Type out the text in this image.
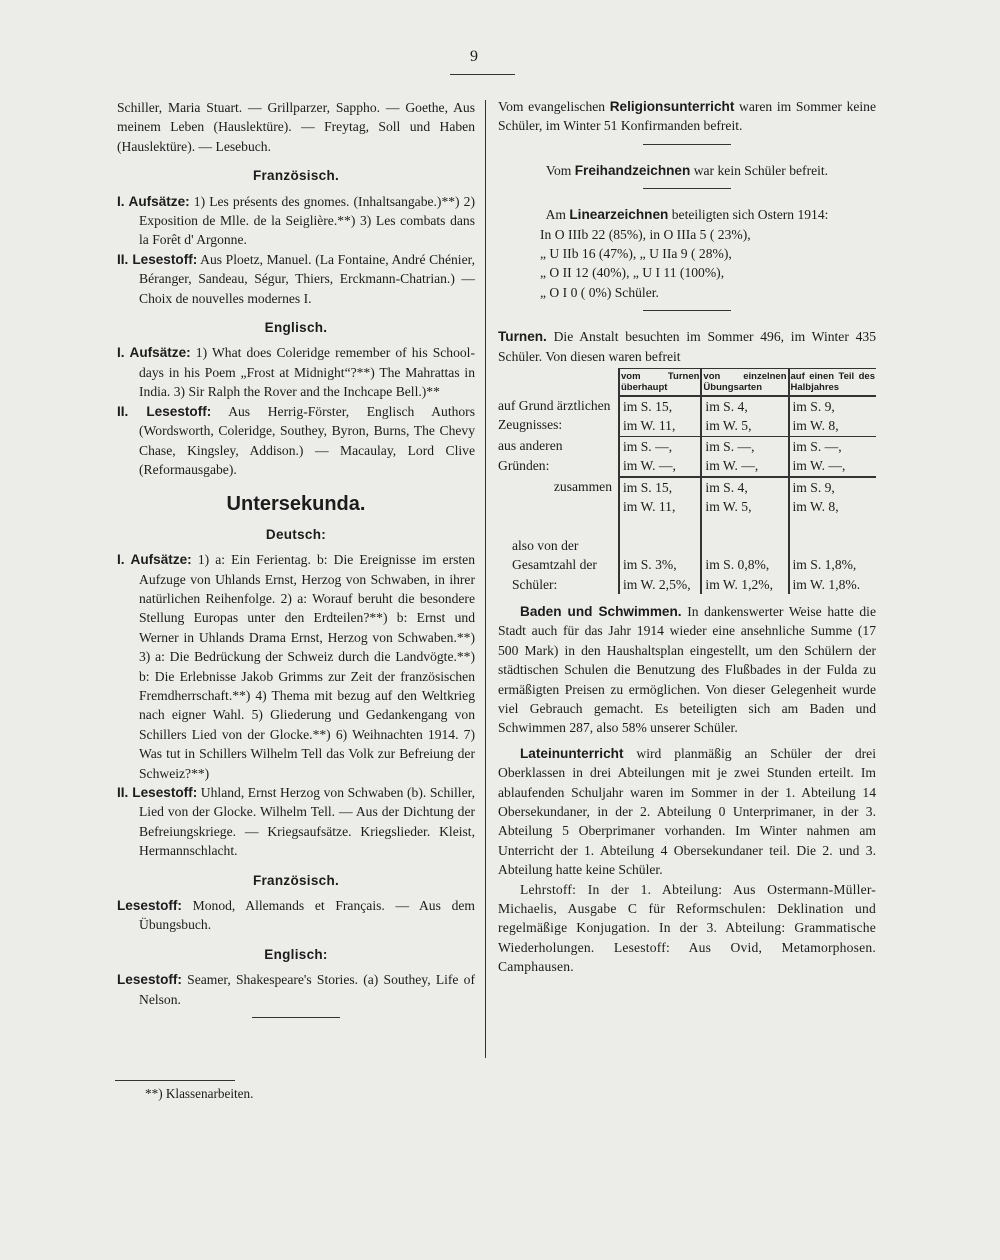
9

Schiller, Maria Stuart. — Grillparzer, Sappho. — Goethe, Aus meinem Leben (Hauslektüre). — Freytag, Soll und Haben (Hauslektüre). — Lesebuch.

Französisch.

I. Aufsätze: 1) Les présents des gnomes. (Inhaltsangabe.)**) 2) Exposition de Mlle. de la Seiglière.**) 3) Les combats dans la Forêt d' Argonne.

II. Lesestoff: Aus Ploetz, Manuel. (La Fontaine, André Chénier, Béranger, Sandeau, Ségur, Thiers, Erckmann-Chatrian.) — Choix de nouvelles modernes I.

Englisch.

I. Aufsätze: 1) What does Coleridge remember of his School-days in his Poem „Frost at Midnight“?**) The Mahrattas in India. 3) Sir Ralph the Rover and the Inchcape Bell.)**

II. Lesestoff: Aus Herrig-Förster, Englisch Authors (Wordsworth, Coleridge, Southey, Byron, Burns, The Chevy Chase, Kingsley, Addison.) — Macaulay, Lord Clive (Reformausgabe).

Untersekunda.

Deutsch:

I. Aufsätze: 1) a: Ein Ferientag. b: Die Ereignisse im ersten Aufzuge von Uhlands Ernst, Herzog von Schwaben, in ihrer natürlichen Reihenfolge. 2) a: Worauf beruht die besondere Stellung Europas unter den Erdteilen?**) b: Ernst und Werner in Uhlands Drama Ernst, Herzog von Schwaben.**) 3) a: Die Bedrückung der Schweiz durch die Landvögte.**) b: Die Erlebnisse Jakob Grimms zur Zeit der französischen Fremdherrschaft.**) 4) Thema mit bezug auf den Weltkrieg nach eigner Wahl. 5) Gliederung und Gedankengang von Schillers Lied von der Glocke.**) 6) Weihnachten 1914. 7) Was tut in Schillers Wilhelm Tell das Volk zur Befreiung der Schweiz?**)

II. Lesestoff: Uhland, Ernst Herzog von Schwaben (b). Schiller, Lied von der Glocke. Wilhelm Tell. — Aus der Dichtung der Befreiungskriege. — Kriegsaufsätze. Kriegslieder. Kleist, Hermannschlacht.

Französisch.

Lesestoff: Monod, Allemands et Français. — Aus dem Übungsbuch.

Englisch:

Lesestoff: Seamer, Shakespeare's Stories. (a) Southey, Life of Nelson.

**) Klassenarbeiten.

Vom evangelischen Religionsunterricht waren im Sommer keine Schüler, im Winter 51 Konfirmanden befreit.

Vom Freihandzeichnen war kein Schüler befreit.

Am Linearzeichnen beteiligten sich Ostern 1914:

In O IIIb 22 (85%), in O IIIa 5 ( 23%),

„ U IIb 16 (47%), „ U IIa 9 ( 28%),

„ O II 12 (40%), „ U I 11 (100%),

„ O I 0 ( 0%) Schüler.

Turnen. Die Anstalt besuchten im Sommer 496, im Winter 435 Schüler. Von diesen waren befreit

	vom Turnen überhaupt	von einzelnen Übungsarten	auf einen Teil des Halbjahres
auf Grund ärztlichen Zeugnisses:	im S. 15,	im S. 4,	im S. 9,
	im W. 11,	im W. 5,	im W. 8,
aus anderen Gründen:	im S. —,	im S. —,	im S. —,
	im W. —,	im W. —,	im W. —,
zusammen	im S. 15,	im S. 4,	im S. 9,
	im W. 11,	im W. 5,	im W. 8,
also von der Gesamtzahl der Schüler:	im S. 3%,	im S. 0,8%,	im S. 1,8%,
	im W. 2,5%,	im W. 1,2%,	im W. 1,8%.

Baden und Schwimmen. In dankenswerter Weise hatte die Stadt auch für das Jahr 1914 wieder eine ansehnliche Summe (17 500 Mark) in den Haushaltsplan eingestellt, um den Schülern der städtischen Schulen die Benutzung des Flußbades in der Fulda zu ermäßigten Preisen zu ermöglichen. Von dieser Gelegenheit wurde viel Gebrauch gemacht. Es beteiligten sich am Baden und Schwimmen 287, also 58% unserer Schüler.

Lateinunterricht wird planmäßig an Schüler der drei Oberklassen in drei Abteilungen mit je zwei Stunden erteilt. Im ablaufenden Schuljahr waren im Sommer in der 1. Abteilung 14 Obersekundaner, in der 2. Abteilung 0 Unterprimaner, in der 3. Abteilung 5 Oberprimaner vorhanden. Im Winter nahmen am Unterricht der 1. Abteilung 4 Obersekundaner teil. Die 2. und 3. Abteilung hatte keine Schüler.

Lehrstoff: In der 1. Abteilung: Aus Ostermann-Müller-Michaelis, Ausgabe C für Reformschulen: Deklination und regelmäßige Konjugation. In der 3. Abteilung: Grammatische Wiederholungen. Lesestoff: Aus Ovid, Metamorphosen. Camphausen.
